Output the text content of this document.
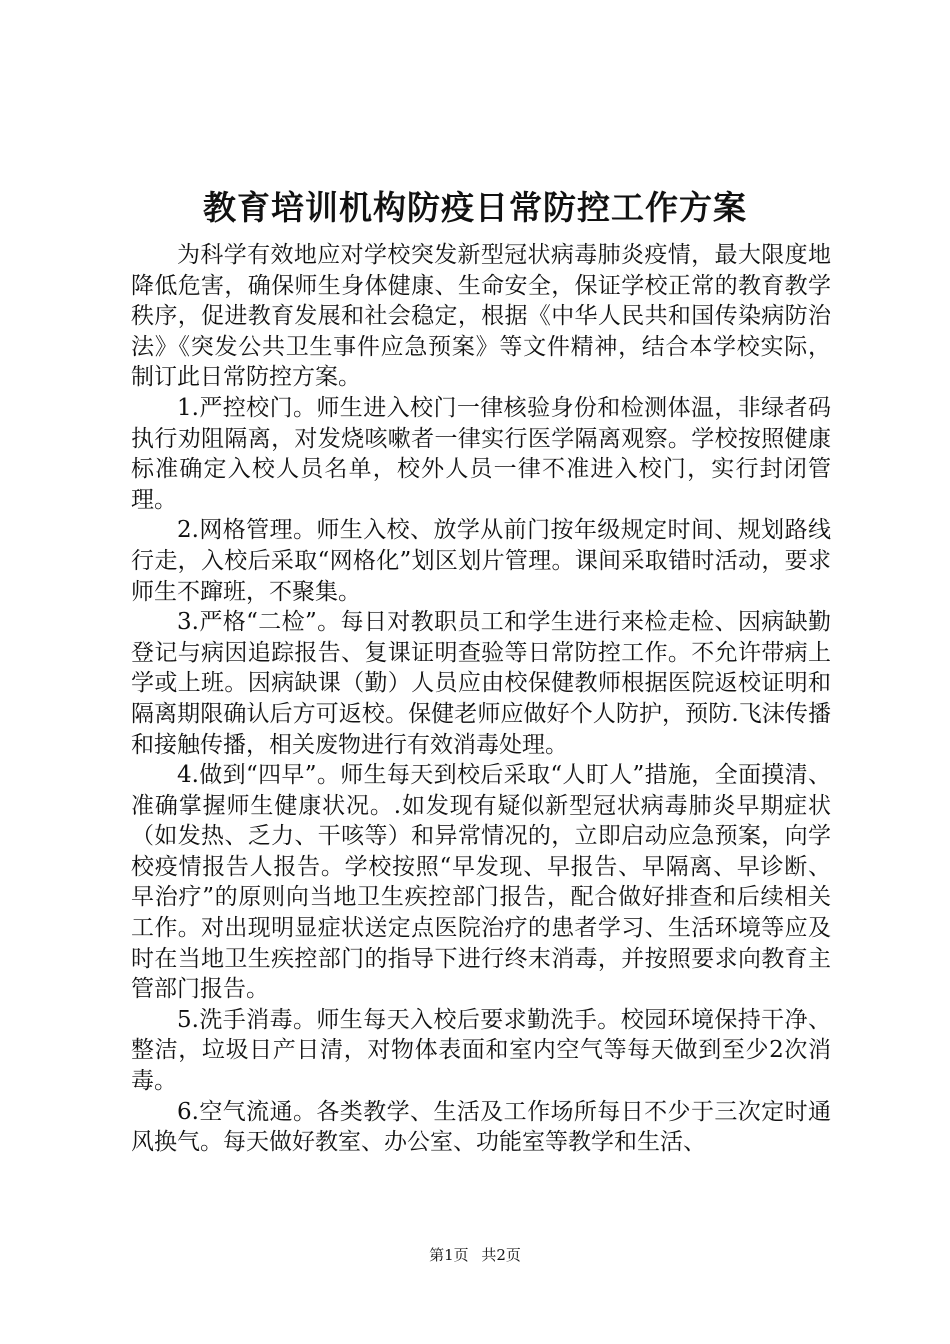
教育培训机构防疫日常防控工作方案

为科学有效地应对学校突发新型冠状病毒肺炎疫情，最大限度地降低危害，确保师生身体健康、生命安全，保证学校正常的教育教学秩序，促进教育发展和社会稳定，根据《中华人民共和国传染病防治法》《突发公共卫生事件应急预案》等文件精神，结合本学校实际，制订此日常防控方案。

1.严控校门。师生进入校门一律核验身份和检测体温，非绿者码执行劝阻隔离，对发烧咳嗽者一律实行医学隔离观察。学校按照健康标准确定入校人员名单，校外人员一律不准进入校门，实行封闭管理。

2.网格管理。师生入校、放学从前门按年级规定时间、规划路线行走，入校后采取“网格化”划区划片管理。课间采取错时活动，要求师生不蹿班，不聚集。

3.严格“二检”。每日对教职员工和学生进行来检走检、因病缺勤登记与病因追踪报告、复课证明查验等日常防控工作。不允许带病上学或上班。因病缺课（勤）人员应由校保健教师根据医院返校证明和隔离期限确认后方可返校。保健老师应做好个人防护，预防.飞沫传播和接触传播，相关废物进行有效消毒处理。

4.做到“四早”。师生每天到校后采取“人盯人”措施，全面摸清、准确掌握师生健康状况。.如发现有疑似新型冠状病毒肺炎早期症状（如发热、乏力、干咳等）和异常情况的，立即启动应急预案，向学校疫情报告人报告。学校按照“早发现、早报告、早隔离、早诊断、早治疗”的原则向当地卫生疾控部门报告，配合做好排查和后续相关工作。对出现明显症状送定点医院治疗的患者学习、生活环境等应及时在当地卫生疾控部门的指导下进行终末消毒，并按照要求向教育主管部门报告。

5.洗手消毒。师生每天入校后要求勤洗手。校园环境保持干净、整洁，垃圾日产日清，对物体表面和室内空气等每天做到至少2次消毒。

6.空气流通。各类教学、生活及工作场所每日不少于三次定时通风换气。每天做好教室、办公室、功能室等教学和生活、

第1页 共2页
